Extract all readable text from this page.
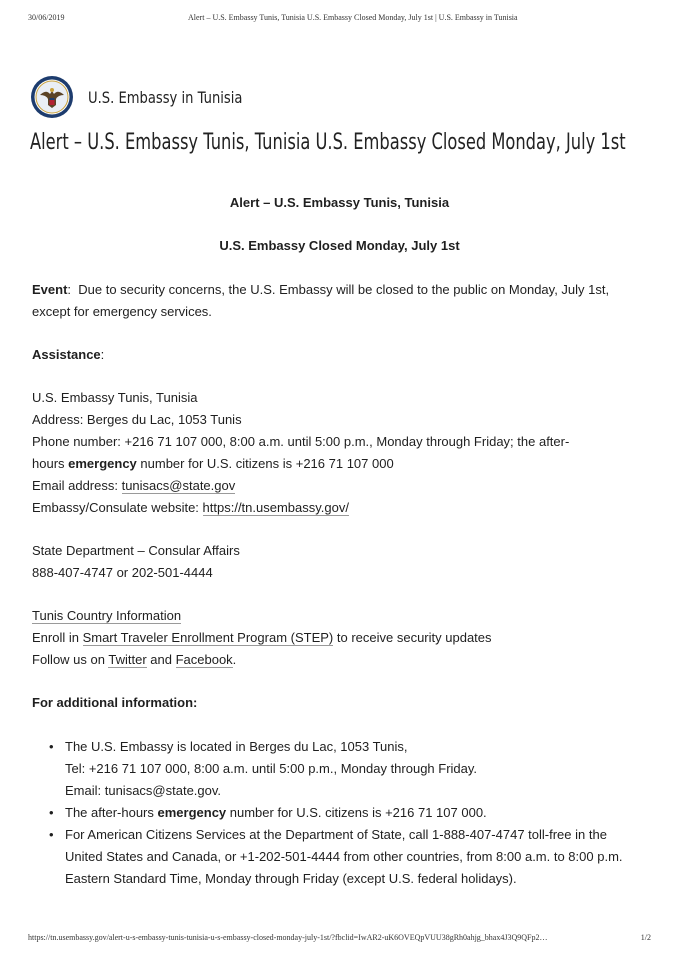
30/06/2019	Alert – U.S. Embassy Tunis, Tunisia U.S. Embassy Closed Monday, July 1st | U.S. Embassy in Tunisia
U.S. Embassy in Tunisia
Alert – U.S. Embassy Tunis, Tunisia U.S. Embassy Closed Monday, July 1st
Alert – U.S. Embassy Tunis, Tunisia
U.S. Embassy Closed Monday, July 1st
Event: Due to security concerns, the U.S. Embassy will be closed to the public on Monday, July 1st,
except for emergency services.
Assistance:
U.S. Embassy Tunis, Tunisia
Address: Berges du Lac, 1053 Tunis
Phone number: +216 71 107 000, 8:00 a.m. until 5:00 p.m., Monday through Friday; the after-
hours emergency number for U.S. citizens is +216 71 107 000
Email address: tunisacs@state.gov
Embassy/Consulate website: https://tn.usembassy.gov/
State Department – Consular Affairs
888-407-4747 or 202-501-4444
Tunis Country Information
Enroll in Smart Traveler Enrollment Program (STEP) to receive security updates
Follow us on Twitter and Facebook.
For additional information:
• The U.S. Embassy is located in Berges du Lac, 1053 Tunis,
Tel: +216 71 107 000, 8:00 a.m. until 5:00 p.m., Monday through Friday.
Email: tunisacs@state.gov.
• The after-hours emergency number for U.S. citizens is +216 71 107 000.
• For American Citizens Services at the Department of State, call 1-888-407-4747 toll-free in the
United States and Canada, or +1-202-501-4444 from other countries, from 8:00 a.m. to 8:00 p.m.
Eastern Standard Time, Monday through Friday (except U.S. federal holidays).
https://tn.usembassy.gov/alert-u-s-embassy-tunis-tunisia-u-s-embassy-closed-monday-july-1st/?fbclid=IwAR2-uK6OVEQpVUU38gRh0ahjg_bhax4J3Q9QFp2…	1/2
